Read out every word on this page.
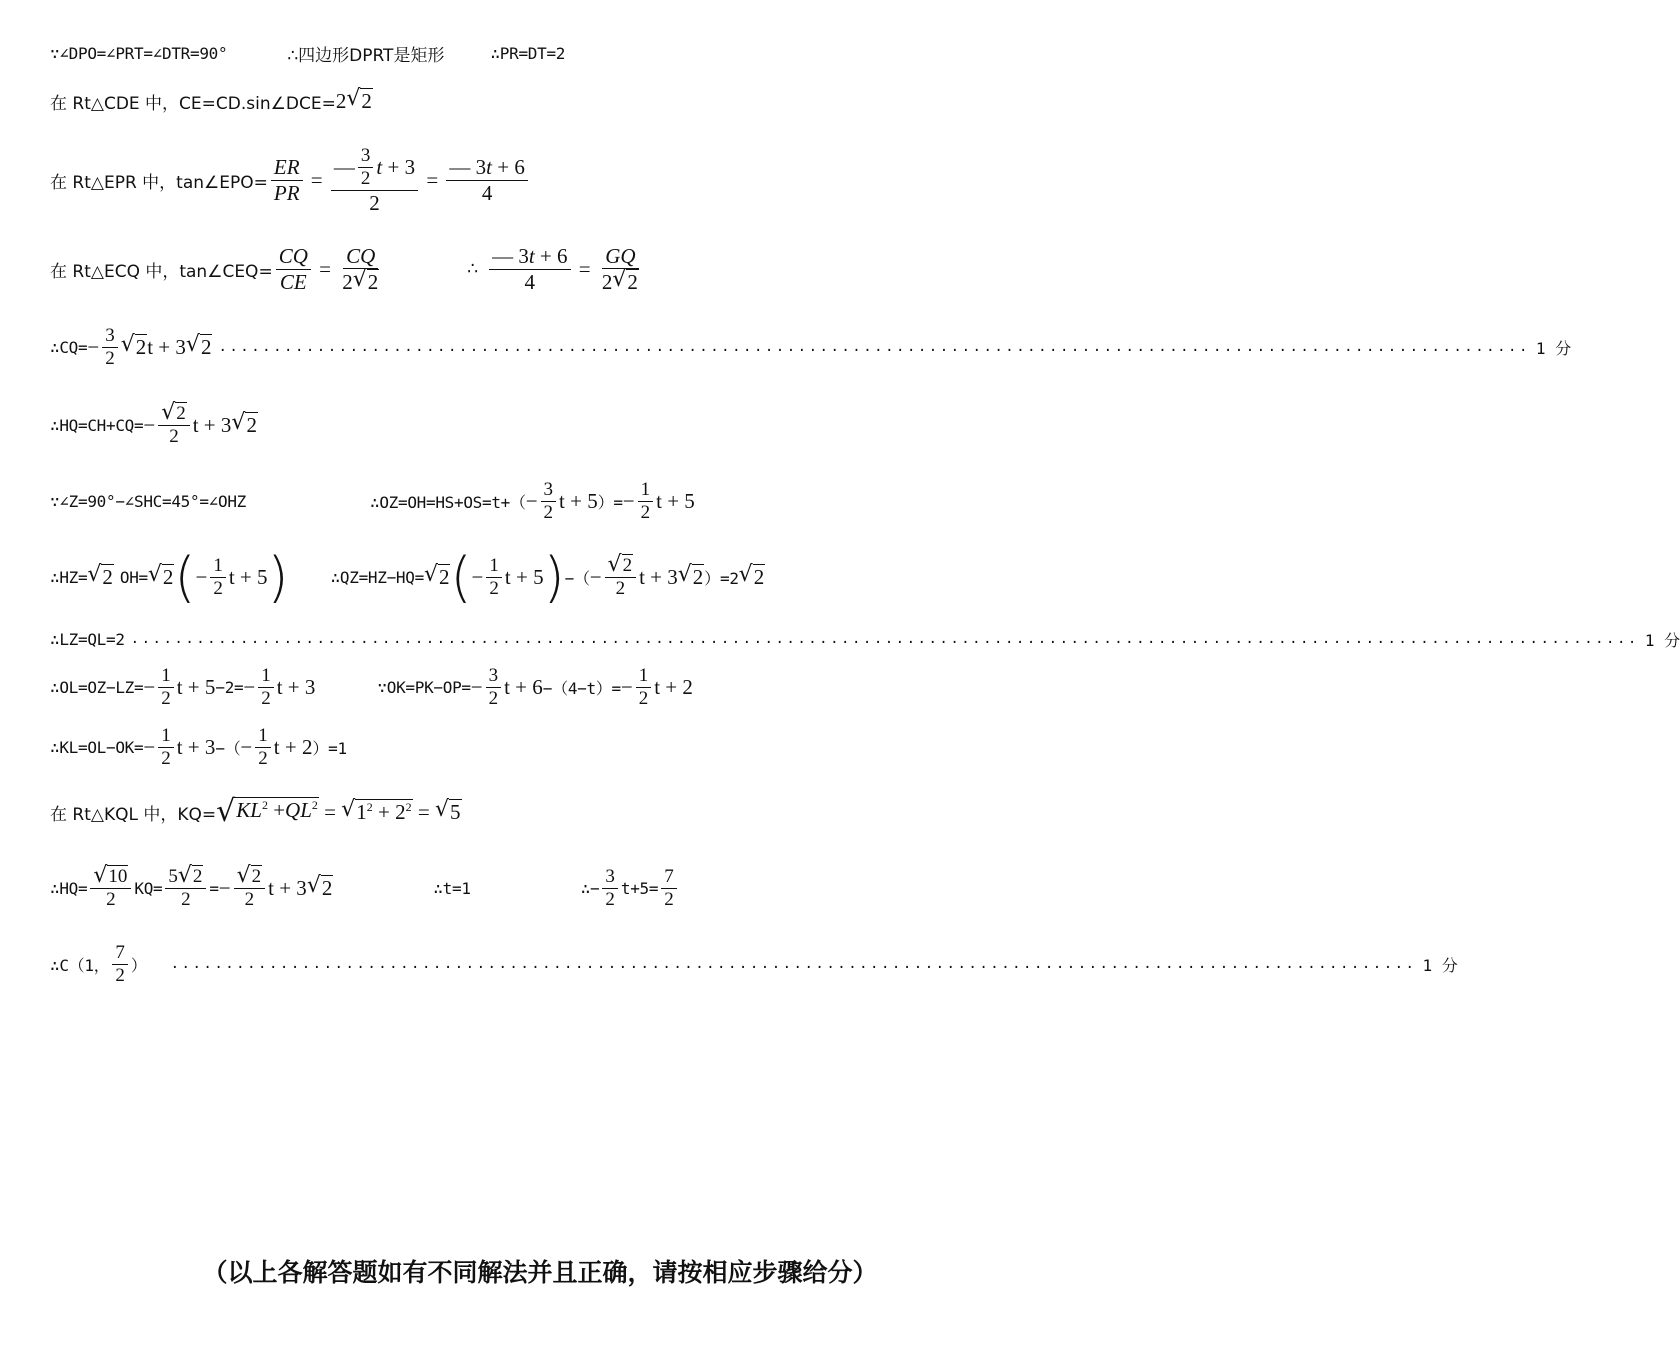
∵∠DPO=∠PRT=∠DTR=90°	∴四边形DPRT是矩形	∴PR=DT=2
在 Rt△CDE 中，CE=CD.sin∠DCE= 2 √ 2
在 Rt△EPR 中，tan∠EPO= $\frac{ER}{PR} = \frac{— \frac{3}{2} t + 3}{2} = \frac{— 3 t + 6}{4}$
在 Rt△ECQ 中，tan∠CEQ= $\frac{CQ}{CE} = \frac{CQ}{2 √ 2}$	∴ $\frac{— 3 t + 6}{4} = \frac{GQ}{2 √ 2}$
∴CQ= − $\frac{3}{2}$ √ 2 t + 3 √ 2 ........................................................................................................................ 1 分
∴HQ=CH+CQ= − $\frac{√ 2}{2}$ t + 3 √ 2
∵∠Z=90°−∠SHC=45°=∠OHZ	∴OZ=OH=HS+OS=t+（ − $\frac{3}{2}$ t + 5 ）= − $\frac{1}{2}$ t + 5
∴HZ= √ 2 OH= √ 2 ( − $\frac{1}{2}$ t + 5 )	∴QZ=HZ−HQ= √ 2 ( − $\frac{1}{2}$ t + 5 ) −（ − $\frac{√ 2}{2}$ t + 3 √ 2 ）=2 √ 2
∴LZ=QL=2 .......................................................................................................................................... 1 分
∴OL=OZ−LZ= − $\frac{1}{2}$ $t + 5 -2= - \frac{1}{2}$ t + 3	∵OK=PK−OP= − $\frac{3}{2}$ $t + 6 -(4-t)= - \frac{1}{2}$ t + 2
∴KL=OL−OK= − $\frac{1}{2}$ t + 3 −（ − $\frac{1}{2}$ t + 2 ）=1
在 Rt△KQL 中，KQ= √ $KL^2 +QL^2$ = √ $1^2 + 2^2$ = √ 5
∴HQ= $\frac{√ 10}{2} KQ= \frac{5 √ 2}{2}$ = − $\frac{√ 2}{2}$ t + 3 √ 2	∴t=1	∴− $\frac{3}{2} t+5= \frac{7}{2}$
∴C（1， $\frac{7}{2}$ ） .................................................................................................................. 1 分
（以上各解答题如有不同解法并且正确，请按相应步骤给分）
